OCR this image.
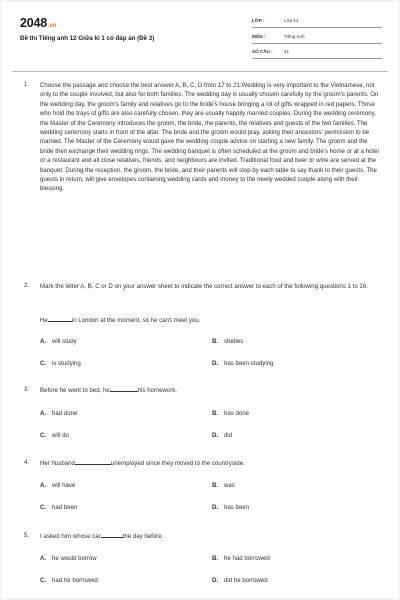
2048.vn
Đề thi Tiếng anh 12 Giữa kì 1 có đáp án (Đề 2)
LỚP :	Lớp 12
MÔN :	Tiếng Anh
SỐ CÂU : 41
1.	Choose the passage and choose the best answer A, B, C, D from 17 to 21.Wedding is very important to the Vietnamese, not only to the couple involved, but also for both families. The wedding day is usually chosen carefully by the groom's parents. On the wedding day, the groom's family and relatives go to the bride's house bringing a lot of gifts wrapped in red papers. Those who hold the trays of gifts are also carefully chosen, they are usually happily married couples. During the wedding ceremony, the Master of the Ceremony introduces the groom, the bride, the parents, the relatives and guests of the two families. The wedding ceremony starts in front of the altar. The bride and the groom would pray, asking their ancestors' permission to be married. The Master of the Ceremony would gave the wedding couple advice on starting a new family. The groom and the bride then exchange their wedding rings. The wedding banquet is often scheduled at the groom and bride's home or at a hotel or a restaurant and all close relatives, friends, and neighbours are invited. Traditional food and beer or wine are served at the banquet. During the reception, the groom, the bride, and their parents will stop by each table to say thank to their guests. The guests in return, will give envelopes containing wedding cards and money to the newly wedded couple along with their blessing.
2.	Mark the letter A, B, C or D on your answer sheet to indicate the correct answer to each of the following questions 1 to 16.
He	in London at the moment, so he can't meet you.
A. will study	B. studies
C. is studying	D. has been studying
3.	Before he went to bed, he	his homework.
A. had done	B. has done
C. will do	D. did
4.	Her husband	unemployed since they moved to the countryside.
A. will have	B. was
C. had been	D. has been
5.	I asked him whose car	the day before.
A. he would borrow	B. he had borrowed
C. had he borrowed	D. did he borrowed
